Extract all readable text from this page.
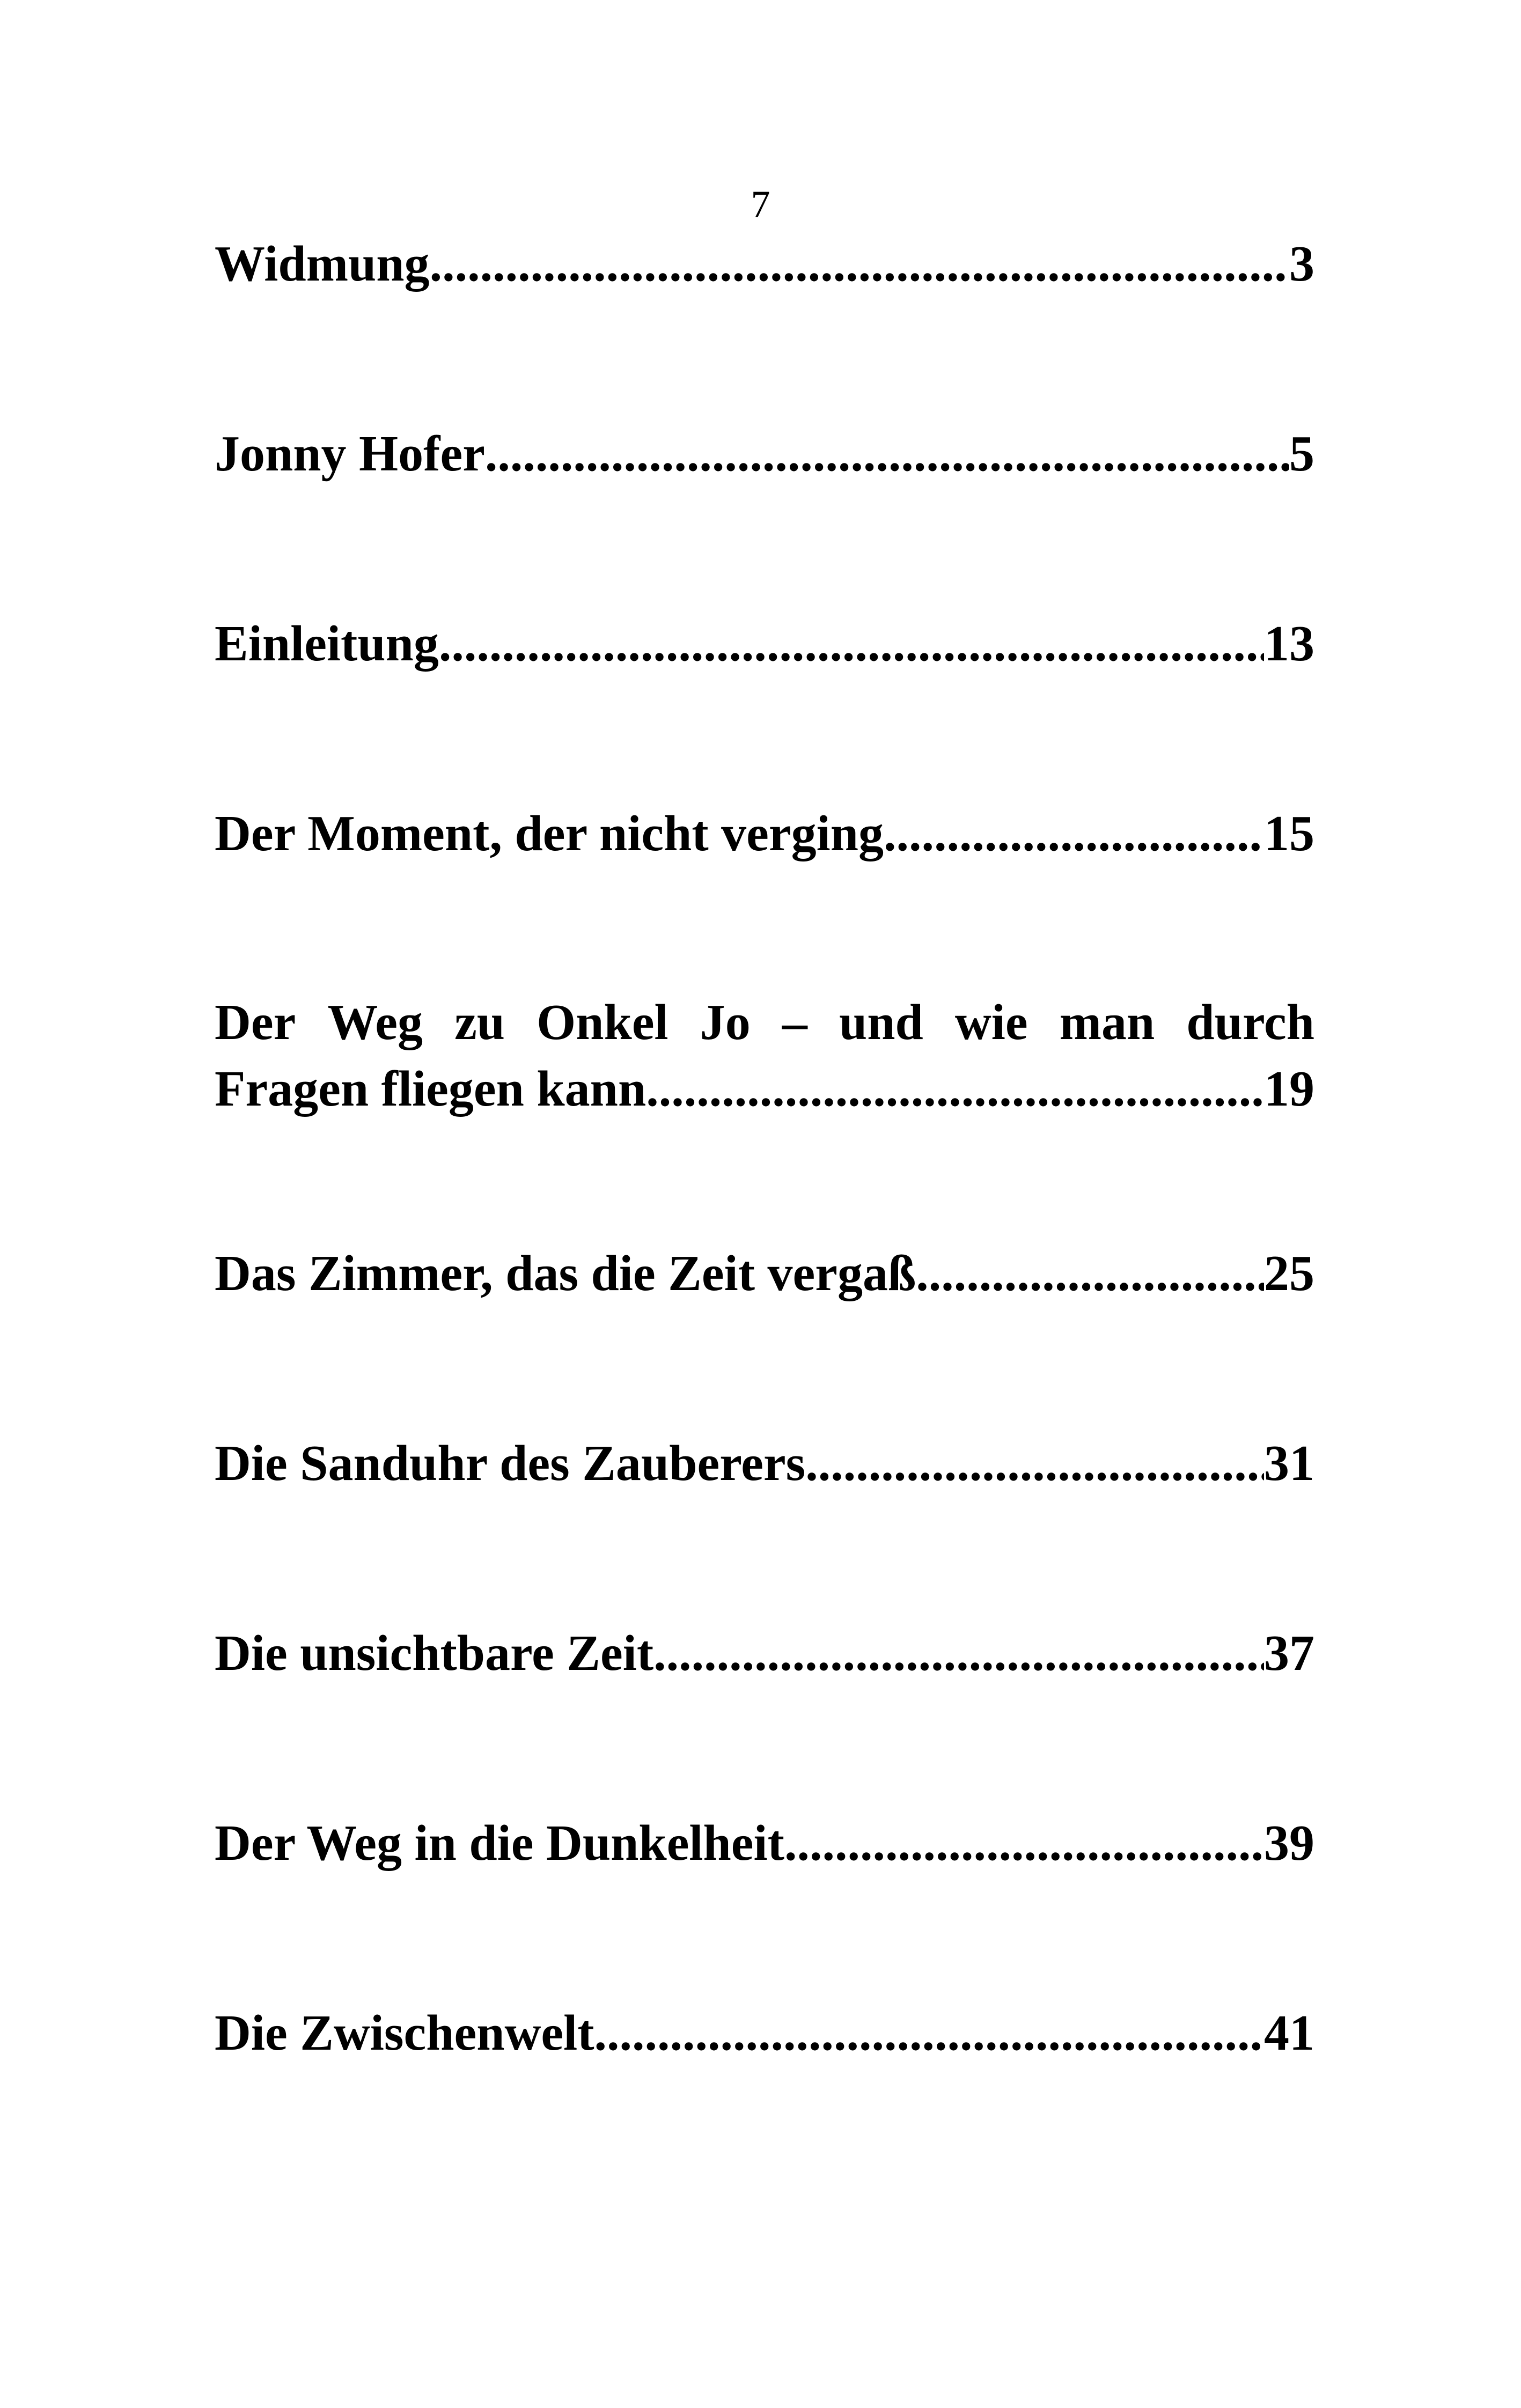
7
Widmung .....	3
Jonny Hofer .....	5
Einleitung .....	13
Der Moment, der nicht verging .....	15
Der Weg zu Onkel Jo – und wie man durch
Fragen fliegen kann .....	19
Das Zimmer, das die Zeit vergaß .....	25
Die Sanduhr des Zauberers .....	31
Die unsichtbare Zeit .....	37
Der Weg in die Dunkelheit .....	39
Die Zwischenwelt .....	41
